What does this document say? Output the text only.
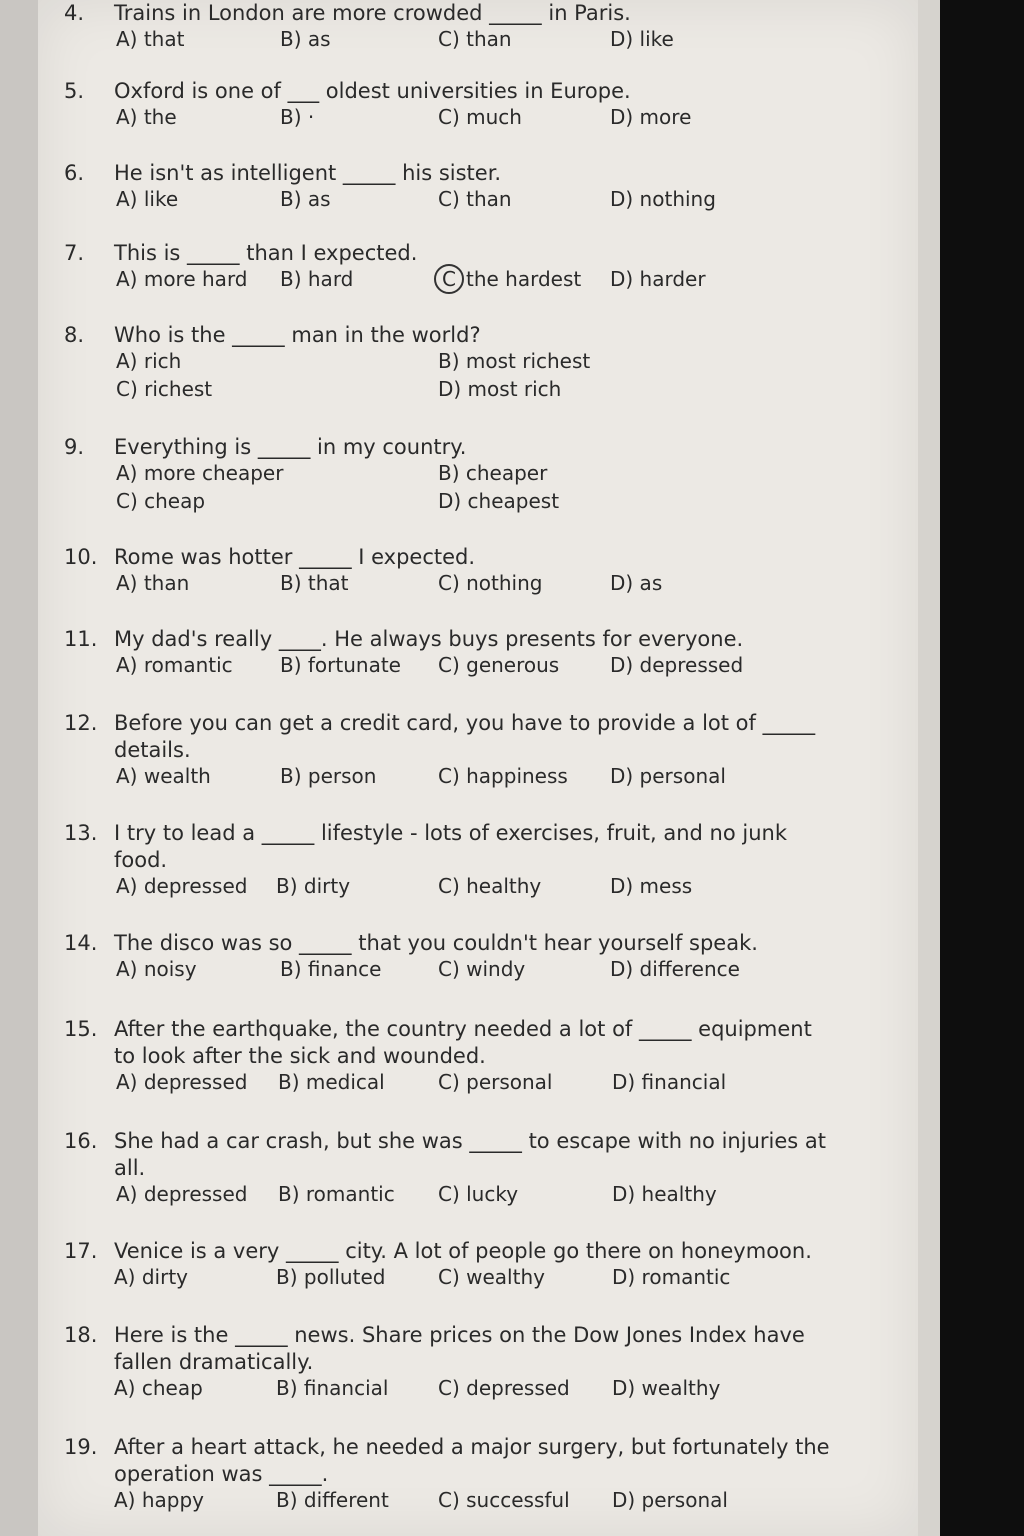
4.	Trains in London are more crowded _____ in Paris.
A) that	B) as	C) than	D) like
5.	Oxford is one of ___ oldest universities in Europe.
A) the	B) ·	C) much	D) more
6.	He isn't as intelligent _____ his sister.
A) like	B) as	C) than	D) nothing
7.	This is _____ than I expected.
A) more hard B) hard	C the hardest D) harder
8.	Who is the _____ man in the world?
A) rich	B) most richest
C) richest	D) most rich
9.	Everything is _____ in my country.
A) more cheaper	B) cheaper
C) cheap	D) cheapest
10. Rome was hotter _____ I expected.
A) than	B) that	C) nothing	D) as
11. My dad's really ____. He always buys presents for everyone.
A) romantic B) fortunate C) generous	D) depressed
12. Before you can get a credit card, you have to provide a lot of _____
details.
A) wealth	B) person	C) happiness D) personal
13. I try to lead a _____ lifestyle - lots of exercises, fruit, and no junk
food.
A) depressed B) dirty	C) healthy	D) mess
14. The disco was so _____ that you couldn't hear yourself speak.
A) noisy	B) finance	C) windy	D) difference
15. After the earthquake, the country needed a lot of _____ equipment
to look after the sick and wounded.
A) depressed B) medical	C) personal	D) financial
16. She had a car crash, but she was _____ to escape with no injuries at
all.
A) depressed B) romantic C) lucky	D) healthy
17. Venice is a very _____ city. A lot of people go there on honeymoon.
A) dirty	B) polluted	C) wealthy	D) romantic
18. Here is the _____ news. Share prices on the Dow Jones Index have
fallen dramatically.
A) cheap	B) financial C) depressed D) wealthy
19. After a heart attack, he needed a major surgery, but fortunately the
operation was _____.
A) happy	B) different C) successful D) personal
